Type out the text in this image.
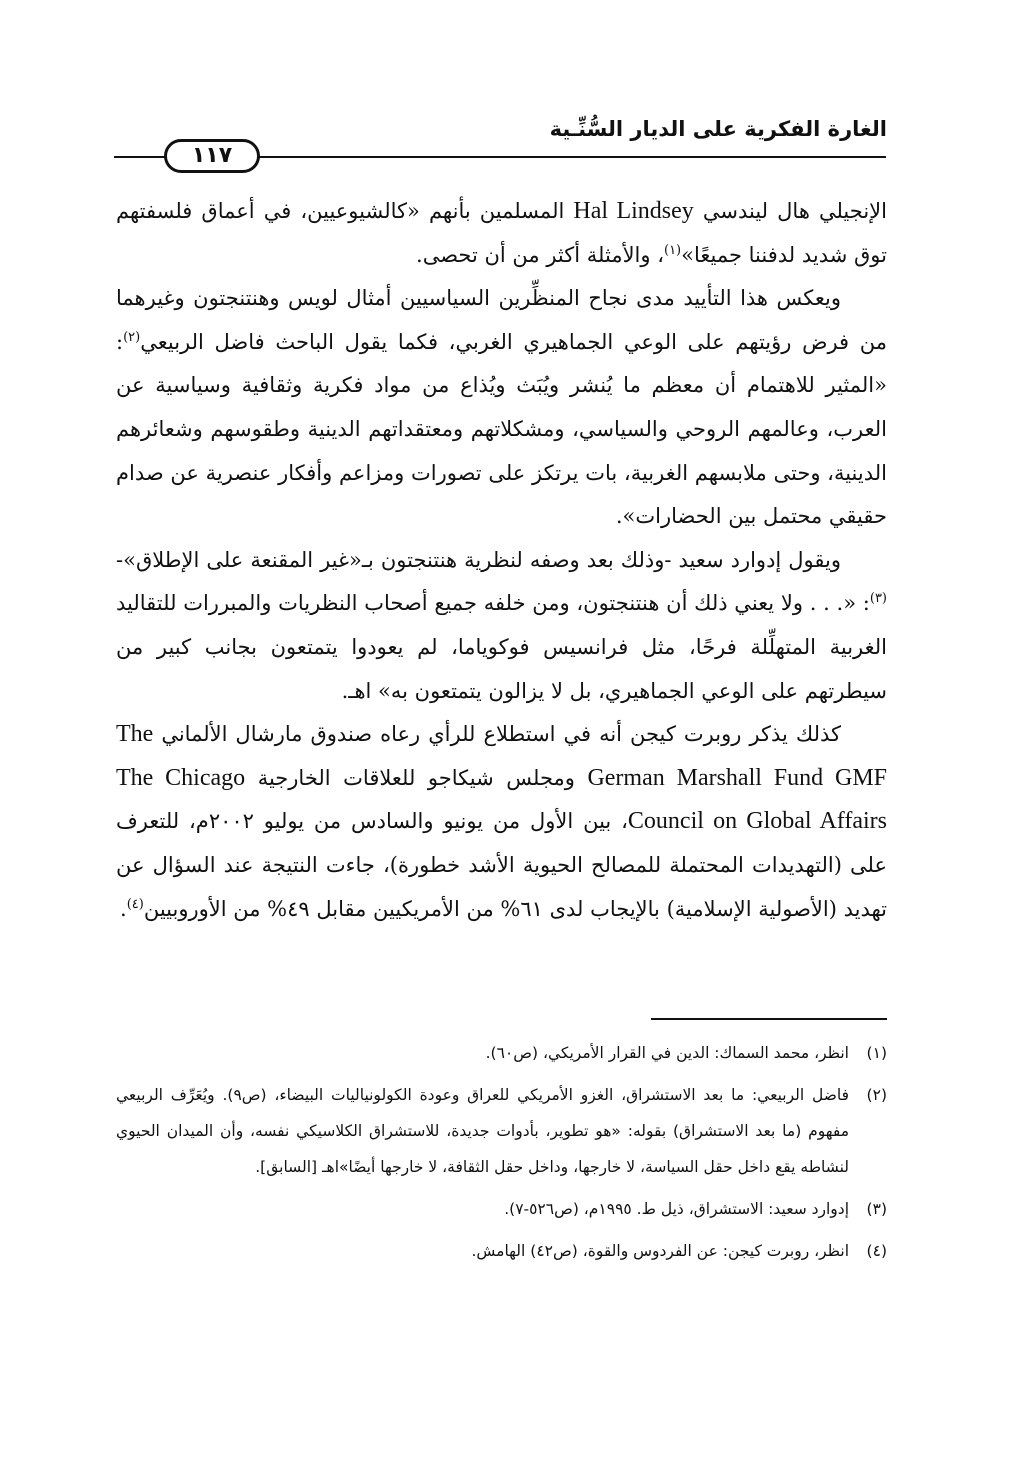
الغارة الفكرية على الديار السُّنِّـية
١١٧

الإنجيلي هال ليندسي Hal Lindsey المسلمين بأنهم «كالشيوعيين، في أعماق فلسفتهم توق شديد لدفننا جميعًا»$^{(١)}$، والأمثلة أكثر من أن تحصى.

ويعكس هذا التأييد مدى نجاح المنظِّرين السياسيين أمثال لويس وهنتنجتون وغيرهما من فرض رؤيتهم على الوعي الجماهيري الغربي، فكما يقول الباحث فاضل الربيعي$^{(٢)}$: «المثير للاهتمام أن معظم ما يُنشر ويُبَث ويُذاع من مواد فكرية وثقافية وسياسية عن العرب، وعالمهم الروحي والسياسي، ومشكلاتهم ومعتقداتهم الدينية وطقوسهم وشعائرهم الدينية، وحتى ملابسهم الغربية، بات يرتكز على تصورات ومزاعم وأفكار عنصرية عن صدام حقيقي محتمل بين الحضارات».

ويقول إدوارد سعيد -وذلك بعد وصفه لنظرية هنتنجتون بـ«غير المقنعة على الإطلاق»-$^{(٣)}$: «. . . ولا يعني ذلك أن هنتنجتون، ومن خلفه جميع أصحاب النظريات والمبررات للتقاليد الغربية المتهلِّلة فرحًا، مثل فرانسيس فوكوياما، لم يعودوا يتمتعون بجانب كبير من سيطرتهم على الوعي الجماهيري، بل لا يزالون يتمتعون به» اهـ.

كذلك يذكر روبرت كيجن أنه في استطلاع للرأي رعاه صندوق مارشال الألماني The German Marshall Fund GMF ومجلس شيكاجو للعلاقات الخارجية The Chicago Council on Global Affairs، بين الأول من يونيو والسادس من يوليو ٢٠٠٢م، للتعرف على (التهديدات المحتملة للمصالح الحيوية الأشد خطورة)، جاءت النتيجة عند السؤال عن تهديد (الأصولية الإسلامية) بالإيجاب لدى ٦١% من الأمريكيين مقابل ٤٩% من الأوروبيين$^{(٤)}$.

(١)
انظر، محمد السماك: الدين في القرار الأمريكي، (ص٦٠).
(٢)
فاضل الربيعي: ما بعد الاستشراق، الغزو الأمريكي للعراق وعودة الكولونياليات البيضاء، (ص٩). ويُعَرِّف الربيعي مفهوم (ما بعد الاستشراق) بقوله: «هو تطوير، بأدوات جديدة، للاستشراق الكلاسيكي نفسه، وأن الميدان الحيوي لنشاطه يقع داخل حقل السياسة، لا خارجها، وداخل حقل الثقافة، لا خارجها أيضًا»اهـ [السابق].
(٣)
إدوارد سعيد: الاستشراق، ذيل ط. ١٩٩٥م، (ص٥٢٦-٧).
(٤)
انظر، روبرت كيجن: عن الفردوس والقوة، (ص٤٢) الهامش.
